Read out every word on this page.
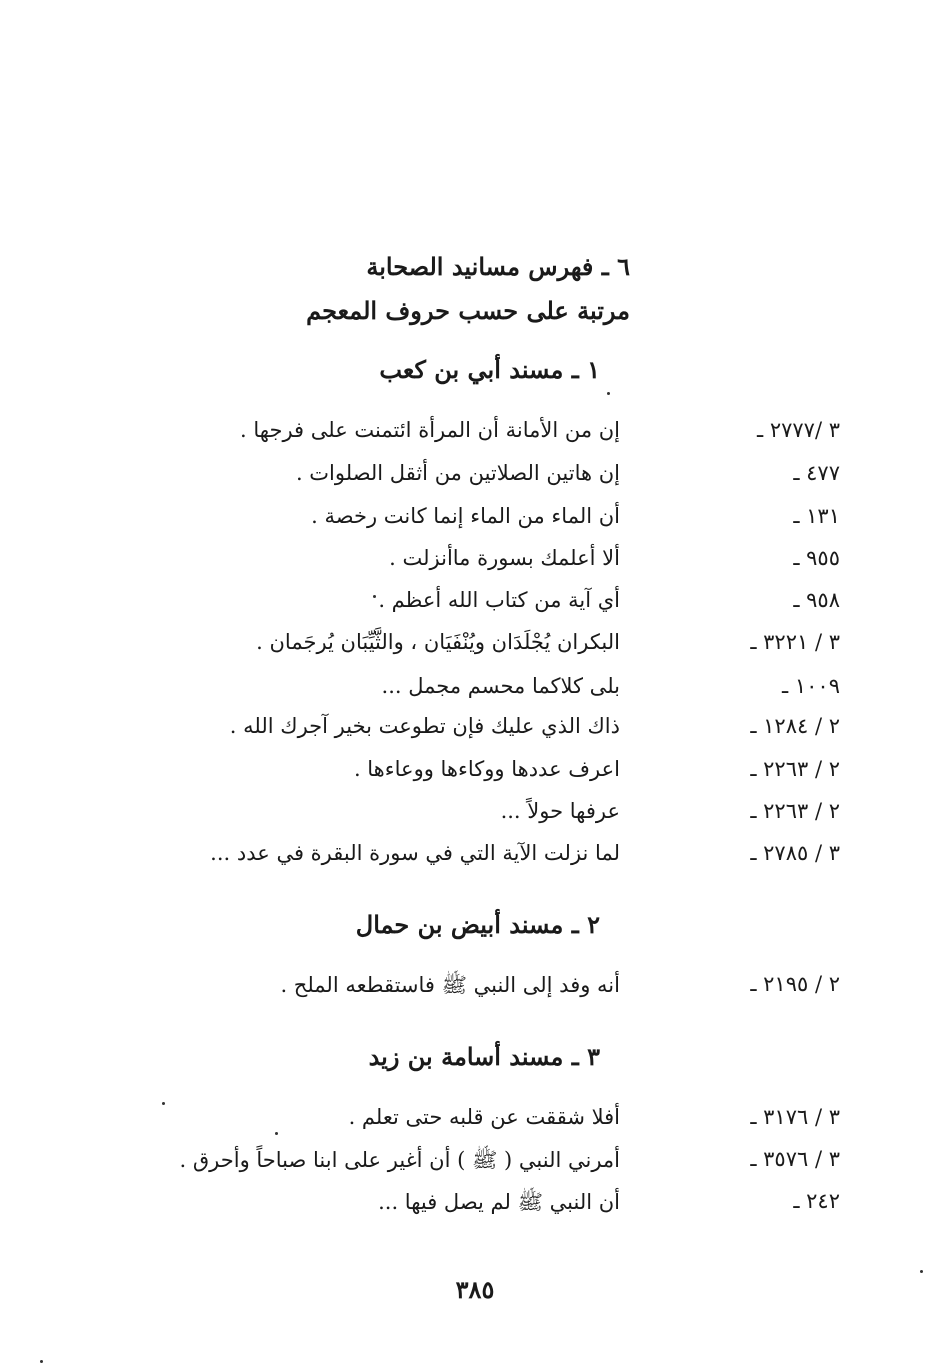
٦ ـ فهرس مسانيد الصحابة
مرتبة على حسب حروف المعجم
١ ـ مسند أبي بن كعب
٣ /٢٧٧٧ ـ
إن من الأمانة أن المرأة ائتمنت على فرجها .
٤٧٧ ـ
إن هاتين الصلاتين من أثقل الصلوات .
١٣١ ـ
أن الماء من الماء إنما كانت رخصة .
٩٥٥ ـ
ألا أعلمك بسورة ماأنزلت .
٩٥٨ ـ
أي آية من كتاب الله أعظم .
٣ / ٣٢٢١ ـ
البكران يُجْلَدَان ويُنْفَيَان ، والثَّيِّبَان يُرجَمان .
١٠٠٩ ـ
بلى كلاكما محسم مجمل ...
٢ / ١٢٨٤ ـ
ذاك الذي عليك فإن تطوعت بخير آجرك الله .
٢ / ٢٢٦٣ ـ
اعرف عددها ووكاءها ووعاءها .
٢ / ٢٢٦٣ ـ
عرفها حولاً ...
٣ / ٢٧٨٥ ـ
لما نزلت الآية التي في سورة البقرة في عدد ...
٢ ـ مسند أبيض بن حمال
٢ / ٢١٩٥ ـ
أنه وفد إلى النبي ﷺ فاستقطعه الملح .
٣ ـ مسند أسامة بن زيد
٣ / ٣١٧٦ ـ
أفلا شققت عن قلبه حتى تعلم .
٣ / ٣٥٧٦ ـ
أمرني النبي ( ﷺ ) أن أغير على ابنا صباحاً وأحرق .
٢٤٢ ـ
أن النبي ﷺ لم يصل فيها ...
٣٨٥
